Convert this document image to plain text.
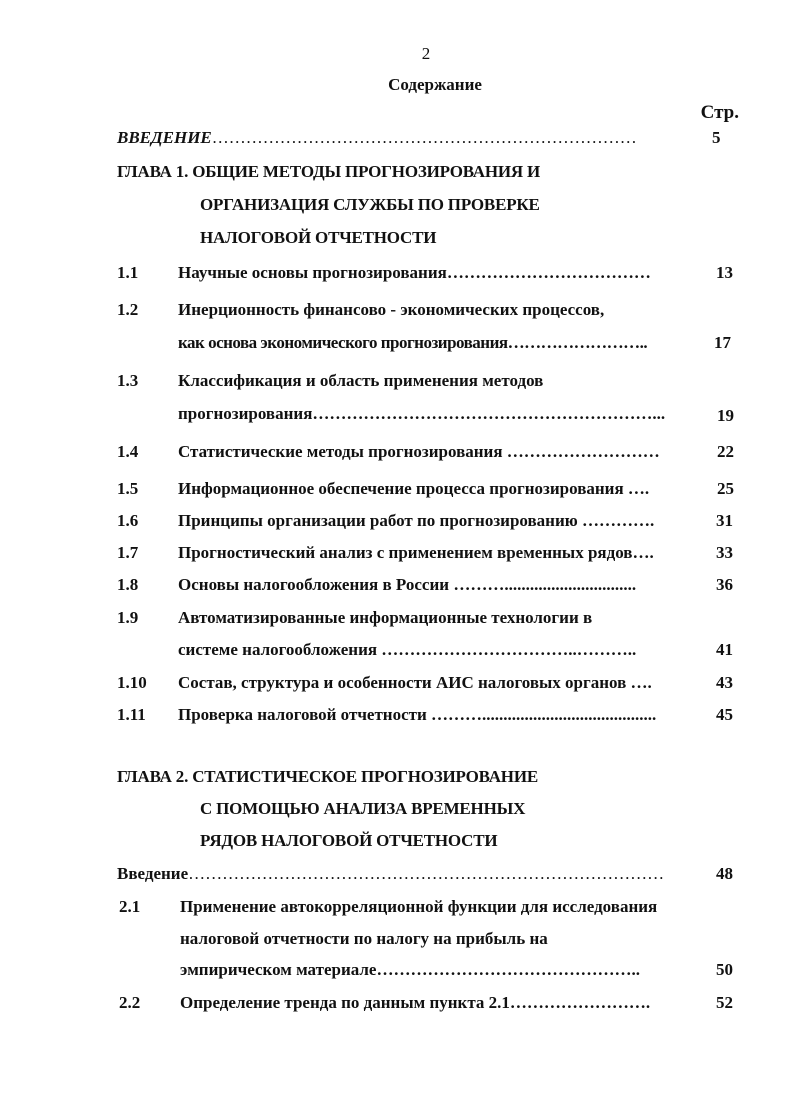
2
Содержание
Стр.
ВВЕДЕНИЕ…………………………………………………………………	5
ГЛАВА 1. ОБЩИЕ МЕТОДЫ ПРОГНОЗИРОВАНИЯ И
ОРГАНИЗАЦИЯ СЛУЖБЫ ПО ПРОВЕРКЕ
НАЛОГОВОЙ ОТЧЕТНОСТИ
1.1 Научные основы прогнозирования………………………………	13
1.2 Инерционность финансово - экономических процессов,
как основа экономического прогнозирования……………………..	17
1.3 Классификация и область применения методов
прогнозирования……………………………………………………...	19
1.4 Статистические методы прогнозирования ………………………	22
1.5 Информационное обеспечение процесса прогнозирования ….	25
1.6 Принципы организации работ по прогнозированию ………….	31
1.7 Прогностический анализ с применением временных рядов….	33
1.8 Основы налогообложения в России ………...............................	36
1.9 Автоматизированные информационные технологии в
системе налогообложения ……………………………..………..	41
1.10 Состав, структура и особенности АИС налоговых органов ….	43
1.11 Проверка налоговой отчетности ……….........................................	45
ГЛАВА 2. СТАТИСТИЧЕСКОЕ ПРОГНОЗИРОВАНИЕ
С ПОМОЩЬЮ АНАЛИЗА ВРЕМЕННЫХ
РЯДОВ НАЛОГОВОЙ ОТЧЕТНОСТИ
Введение…………………………………………………………………………	48
2.1 Применение автокорреляционной функции для исследования
налоговой отчетности по налогу на прибыль на
эмпирическом материале………………………………………..	50
2.2 Определение тренда по данным пункта 2.1…………………….	52
